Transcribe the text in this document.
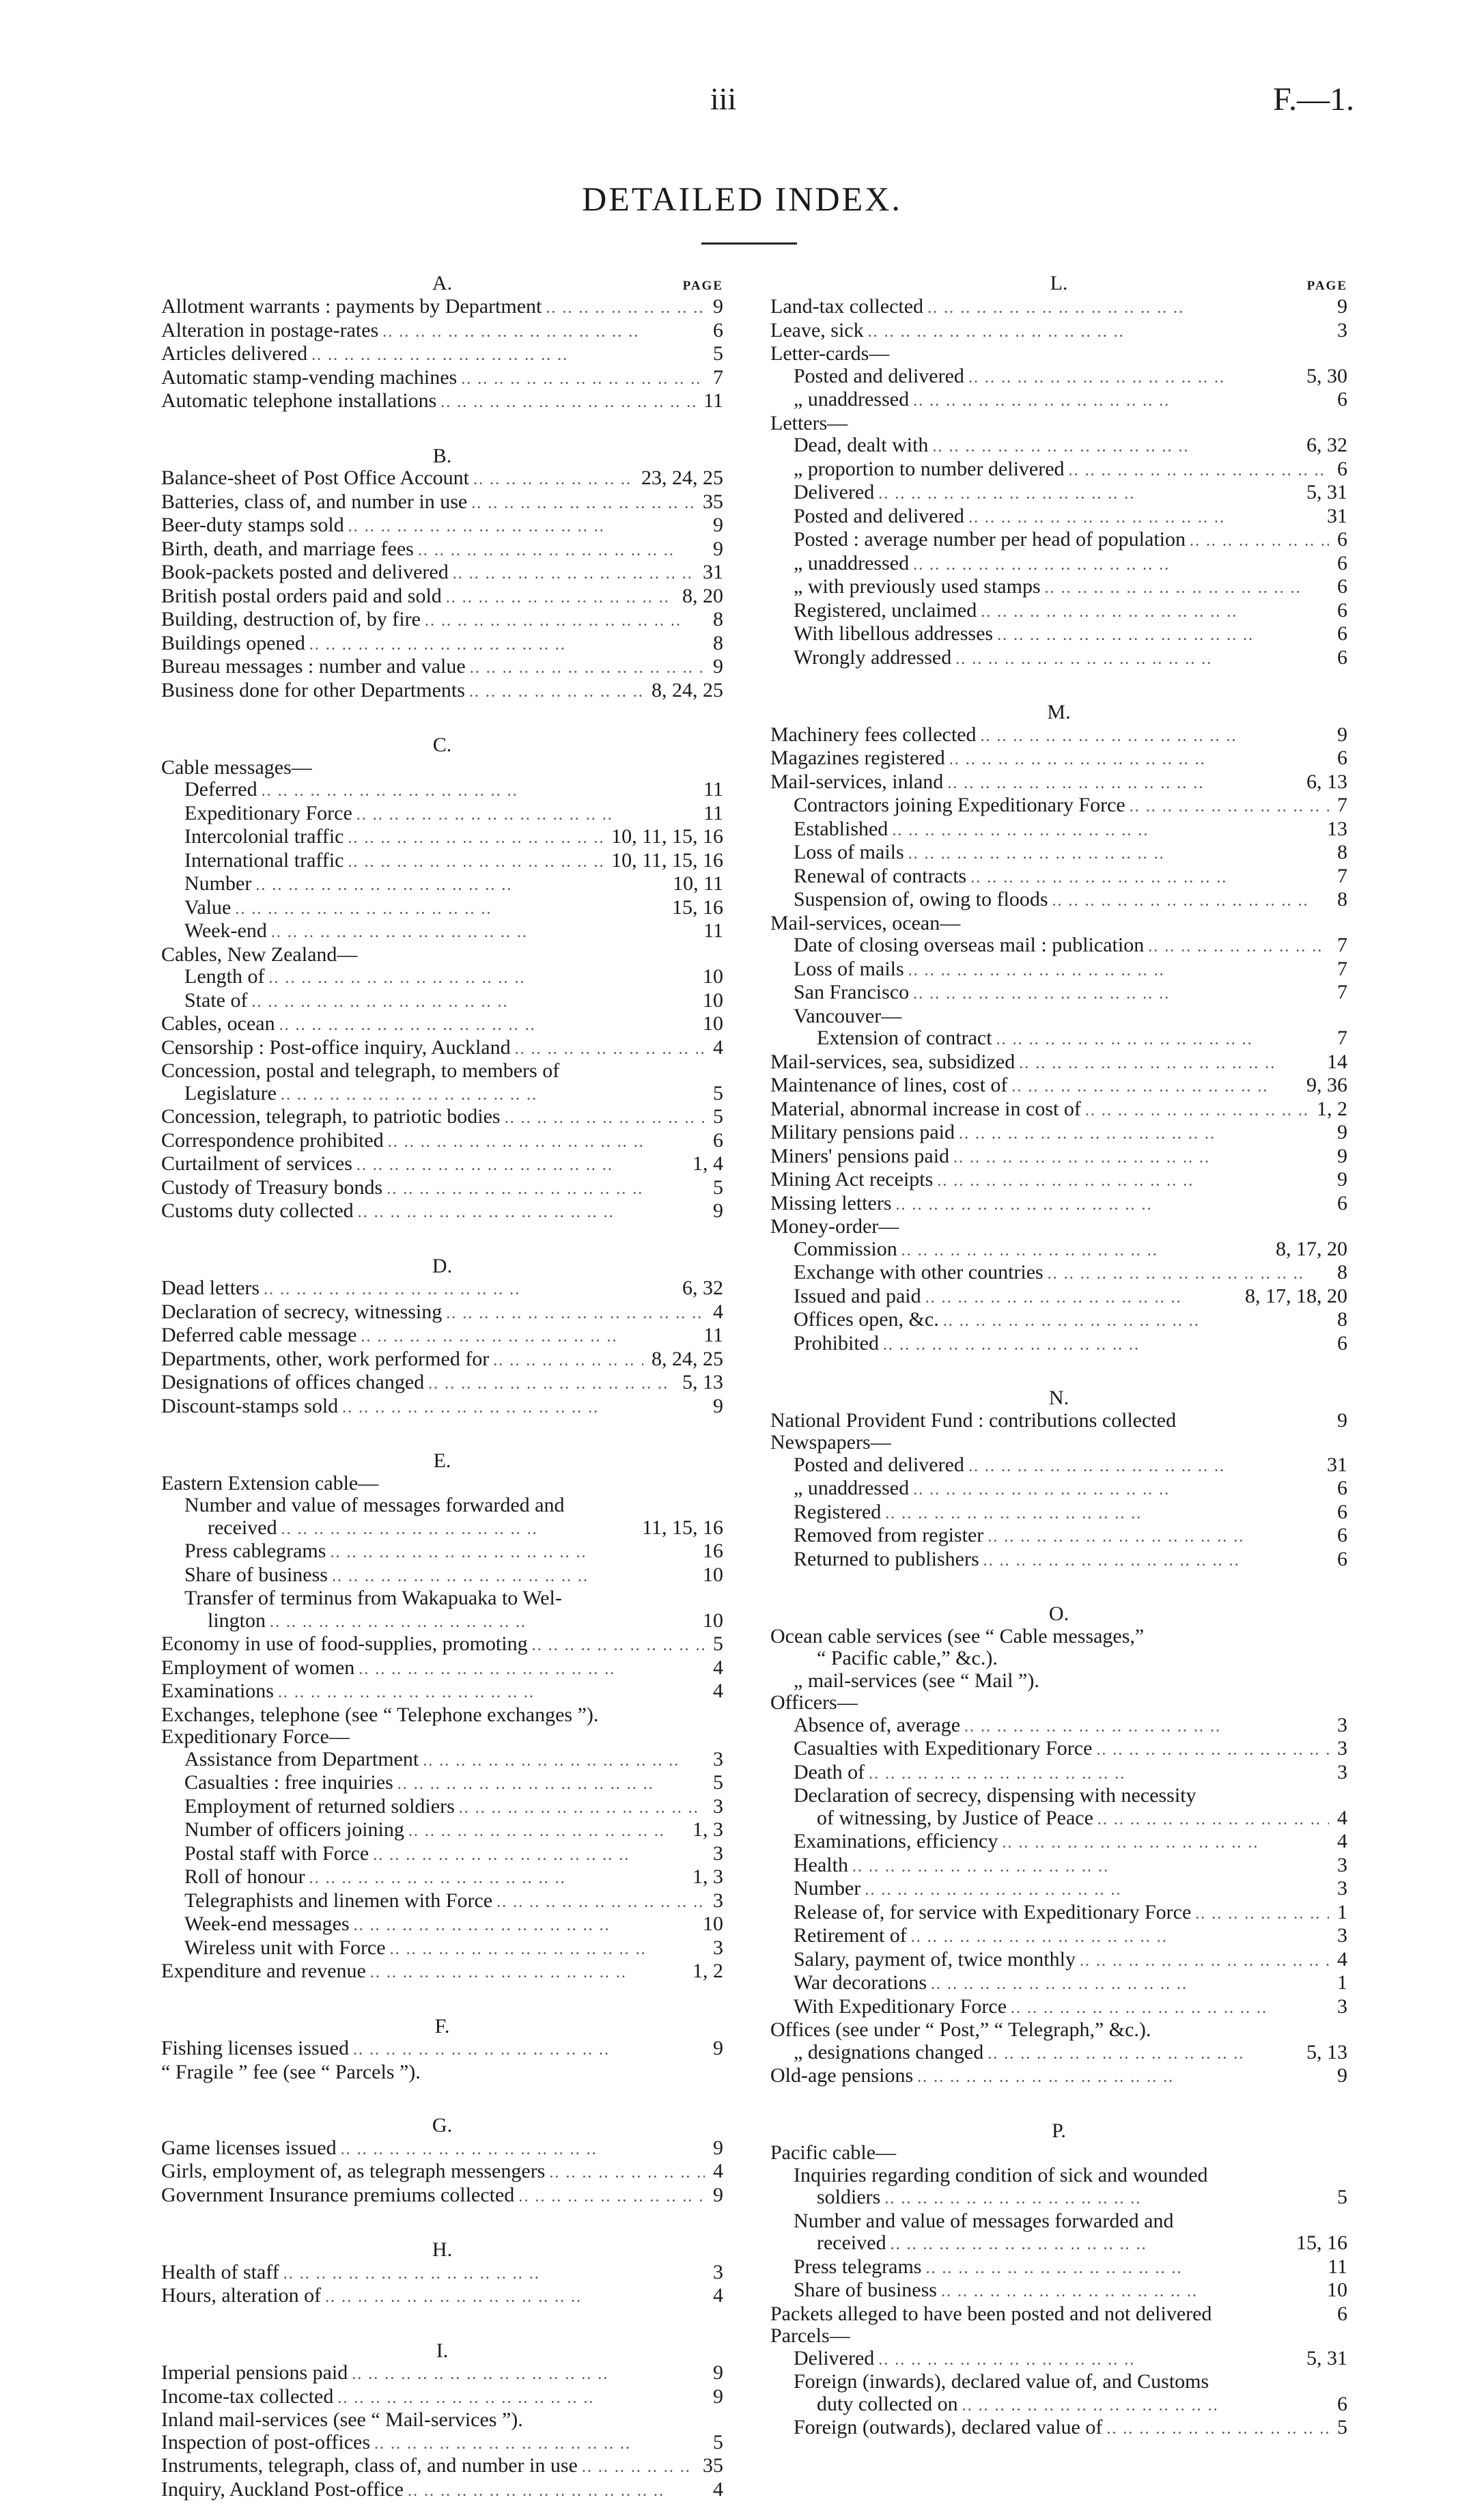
iii	F.—1.
DETAILED INDEX.
A.	PAGE
Allotment warrants : payments by Department ..	9
Alteration in postage-rates ..	6
Articles delivered ..	5
Automatic stamp-vending machines ..	7
Automatic telephone installations ..	11
B.
Balance-sheet of Post Office Account ..	23, 24, 25
Batteries, class of, and number in use ..	35
Beer-duty stamps sold ..	9
Birth, death, and marriage fees ..	9
Book-packets posted and delivered ..	31
British postal orders paid and sold ..	8, 20
Building, destruction of, by fire ..	8
Buildings opened ..	8
Bureau messages : number and value ..	9
Business done for other Departments ..	8, 24, 25
C.
Cable messages—
Deferred ..	11
Expeditionary Force ..	11
Intercolonial traffic ..	10, 11, 15, 16
International traffic ..	10, 11, 15, 16
Number ..	10, 11
Value ..	15, 16
Week-end ..	11
Cables, New Zealand—
Length of ..	10
State of ..	10
Cables, ocean ..	10
Censorship : Post-office inquiry, Auckland ..	4
Concession, postal and telegraph, to members of
Legislature ..	5
Concession, telegraph, to patriotic bodies ..	5
Correspondence prohibited ..	6
Curtailment of services ..	1, 4
Custody of Treasury bonds ..	5
Customs duty collected ..	9
D.
Dead letters ..	6, 32
Declaration of secrecy, witnessing ..	4
Deferred cable message ..	11
Departments, other, work performed for ..	8, 24, 25
Designations of offices changed ..	5, 13
Discount-stamps sold ..	9
E.
Eastern Extension cable—
Number and value of messages forwarded and
received ..	11, 15, 16
Press cablegrams ..	16
Share of business ..	10
Transfer of terminus from Wakapuaka to Wel-
lington ..	10
Economy in use of food-supplies, promoting ..	5
Employment of women ..	4
Examinations ..	4
Exchanges, telephone (see “ Telephone exchanges ”).
Expeditionary Force—
Assistance from Department ..	3
Casualties : free inquiries ..	5
Employment of returned soldiers ..	3
Number of officers joining ..	1, 3
Postal staff with Force ..	3
Roll of honour ..	1, 3
Telegraphists and linemen with Force ..	3
Week-end messages ..	10
Wireless unit with Force ..	3
Expenditure and revenue ..	1, 2
F.
Fishing licenses issued ..	9
“ Fragile ” fee (see “ Parcels ”).
G.
Game licenses issued ..	9
Girls, employment of, as telegraph messengers ..	4
Government Insurance premiums collected ..	9
H.
Health of staff ..	3
Hours, alteration of ..	4
I.
Imperial pensions paid ..	9
Income-tax collected ..	9
Inland mail-services (see “ Mail-services ”).
Inspection of post-offices ..	5
Instruments, telegraph, class of, and number in use ..	35
Inquiry, Auckland Post-office ..	4
L.	PAGE
Land-tax collected ..	9
Leave, sick ..	3
Letter-cards—
Posted and delivered ..	5, 30
„ unaddressed ..	6
Letters—
Dead, dealt with ..	6, 32
„ proportion to number delivered ..	6
Delivered ..	5, 31
Posted and delivered ..	31
Posted : average number per head of population ..	6
„ unaddressed ..	6
„ with previously used stamps ..	6
Registered, unclaimed ..	6
With libellous addresses ..	6
Wrongly addressed ..	6
M.
Machinery fees collected ..	9
Magazines registered ..	6
Mail-services, inland ..	6, 13
Contractors joining Expeditionary Force ..	7
Established ..	13
Loss of mails ..	8
Renewal of contracts ..	7
Suspension of, owing to floods ..	8
Mail-services, ocean—
Date of closing overseas mail : publication ..	7
Loss of mails ..	7
San Francisco ..	7
Vancouver—
Extension of contract ..	7
Mail-services, sea, subsidized ..	14
Maintenance of lines, cost of ..	9, 36
Material, abnormal increase in cost of ..	1, 2
Military pensions paid ..	9
Miners' pensions paid ..	9
Mining Act receipts ..	9
Missing letters ..	6
Money-order—
Commission ..	8, 17, 20
Exchange with other countries ..	8
Issued and paid ..	8, 17, 18, 20
Offices open, &c. ..	8
Prohibited ..	6
N.
National Provident Fund : contributions collected	9
Newspapers—
Posted and delivered ..	31
„ unaddressed ..	6
Registered ..	6
Removed from register ..	6
Returned to publishers ..	6
O.
Ocean cable services (see “ Cable messages,”
“ Pacific cable,” &c.).
„ mail-services (see “ Mail ”).
Officers—
Absence of, average ..	3
Casualties with Expeditionary Force ..	3
Death of ..	3
Declaration of secrecy, dispensing with necessity
of witnessing, by Justice of Peace ..	4
Examinations, efficiency ..	4
Health ..	3
Number ..	3
Release of, for service with Expeditionary Force ..	1
Retirement of ..	3
Salary, payment of, twice monthly ..	4
War decorations ..	1
With Expeditionary Force ..	3
Offices (see under “ Post,” “ Telegraph,” &c.).
„ designations changed ..	5, 13
Old-age pensions ..	9
P.
Pacific cable—
Inquiries regarding condition of sick and wounded
soldiers ..	5
Number and value of messages forwarded and
received ..	15, 16
Press telegrams ..	11
Share of business ..	10
Packets alleged to have been posted and not delivered	6
Parcels—
Delivered ..	5, 31
Foreign (inwards), declared value of, and Customs
duty collected on ..	6
Foreign (outwards), declared value of ..	5
